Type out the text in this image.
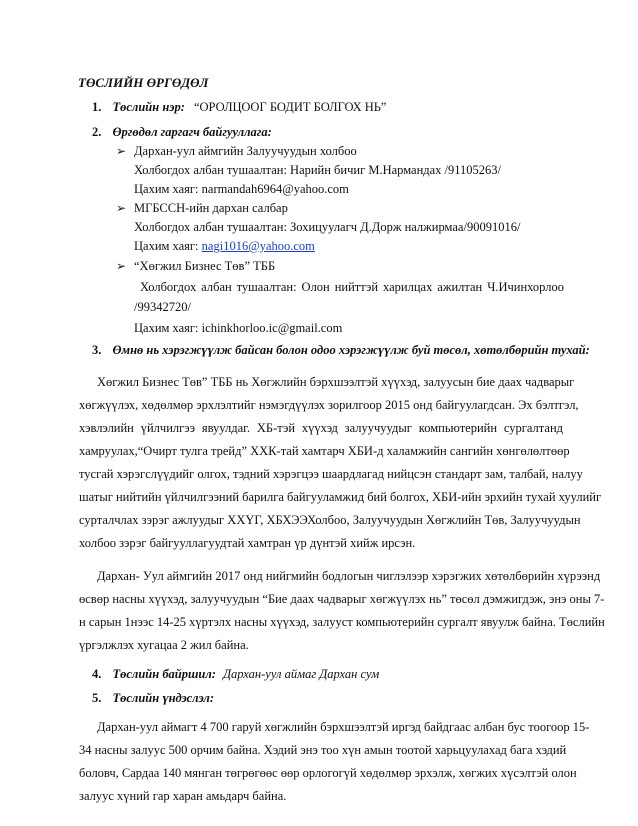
ТӨСЛИЙН ӨРГӨДӨЛ
1. Төслийн нэр: “ОРОЛЦООГ БОДИТ БОЛГОХ НЬ”
2. Өргөдөл гаргагч байгууллага:
➢ Дархан-уул аймгийн Залуучуудын холбоо
Холбогдох албан тушаалтан: Нарийн бичиг М.Нармандах /91105263/
Цахим хаяг: narmandah6964@yahoo.com
➢ МГБССН-ийн дархан салбар
Холбогдох албан тушаалтан: Зохицуулагч Д.Дорж налжирмаа/90091016/
Цахим хаяг: nagi1016@yahoo.com
➢ “Хөгжил Бизнес Төв” ТББ
Холбогдох албан тушаалтан: Олон нийттэй харилцах ажилтан Ч.Ичинхорлоо
/99342720/
Цахим хаяг: ichinkhorloo.ic@gmail.com
3. Өмнө нь хэрэгжүүлж байсан болон одоо хэрэгжүүлж буй төсөл, хөтөлбөрийн тухай:
Хөгжил Бизнес Төв” ТББ нь Хөгжлийн бэрхшээлтэй хүүхэд, залуусын бие даах чадварыг
хөгжүүлэх, хөдөлмөр эрхлэлтийг нэмэгдүүлэх зорилгоор 2015 онд байгуулагдсан. Эх бэлтгэл,
хэвлэлийн үйлчилгээ явуулдаг. ХБ-тэй хүүхэд залуучуудыг компьютерийн сургалтанд
хамруулах,“Очирт тулга трейд” ХХК-тай хамтарч ХБИ-д халамжийн сангийн хөнгөлөлтөөр
тусгай хэрэгслүүдийг олгох, тэдний хэрэгцээ шаардлагад нийцсэн стандарт зам, талбай, налуу
шатыг нийтийн үйлчилгээний барилга байгууламжид бий болгох, ХБИ-ийн эрхийн тухай хуулийг
сурталчлах зэрэг ажлуудыг ХХҮГ, ХБХЭЭХолбоо, Залуучуудын Хөгжлийн Төв, Залуучуудын
холбоо зэрэг байгууллагуудтай хамтран үр дүнтэй хийж ирсэн.
Дархан- Уул аймгийн 2017 онд нийгмийн бодлогын чиглэлээр хэрэгжих хөтөлбөрийн хүрээнд
өсвөр насны хүүхэд, залуучуудын “Бие даах чадварыг хөгжүүлэх нь” төсөл дэмжигдэж, энэ оны 7-
н сарын 1нээс 14-25 хүртэлх насны хүүхэд, залууст компьютерийн сургалт явуулж байна. Төслийн
үргэлжлэх хугацаа 2 жил байна.
4. Төслийн байршил: Дархан-уул аймаг Дархан сум
5. Төслийн үндэслэл:
Дархан-уул аймагт 4 700 гаруй хөгжлийн бэрхшээлтэй иргэд байдгаас албан бус тоогоор 15-
34 насны залуус 500 орчим байна. Хэдий энэ тоо хүн амын тоотой харьцуулахад бага хэдий
боловч, Сардаа 140 мянган төгрөгөөс өөр орлогогүй хөдөлмөр эрхэлж, хөгжих хүсэлтэй олон
залуус хүний гар харан амьдарч байна.
